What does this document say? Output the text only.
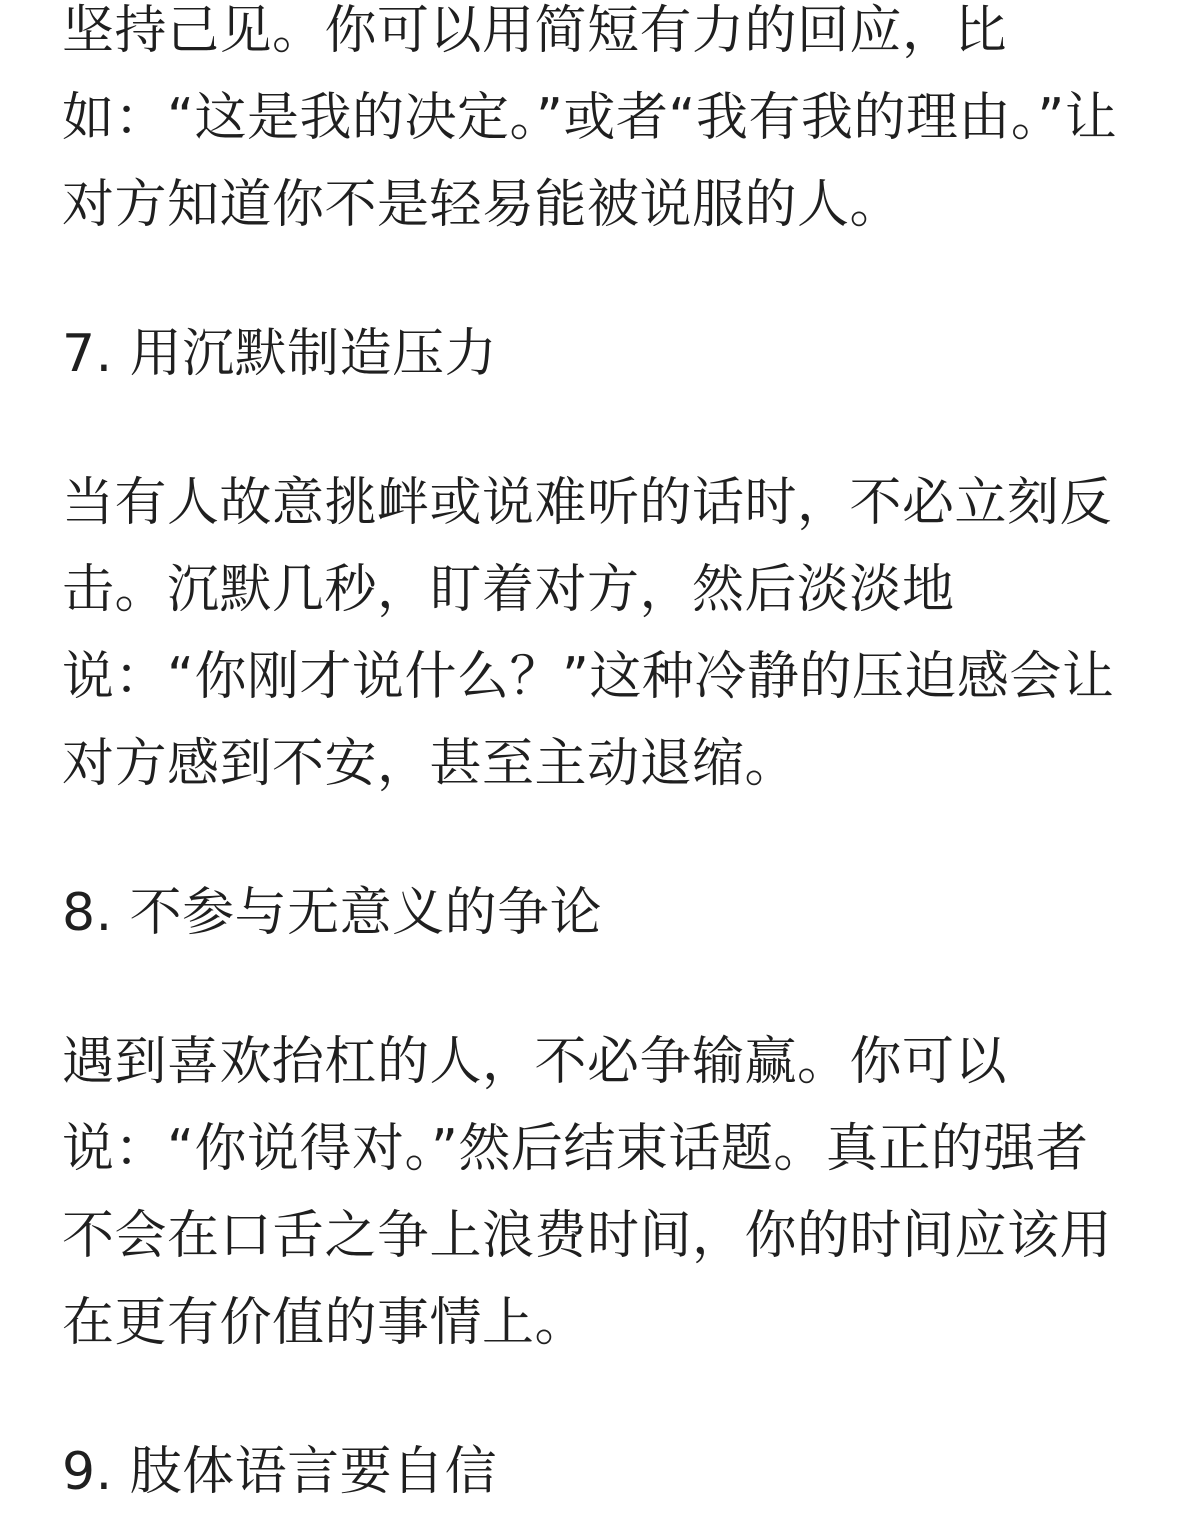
坚持己见。你可以用简短有力的回应，比如：“这是我的决定。”或者“我有我的理由。”让对方知道你不是轻易能被说服的人。

7. 用沉默制造压力

当有人故意挑衅或说难听的话时，不必立刻反击。沉默几秒，盯着对方，然后淡淡地说：“你刚才说什么？”这种冷静的压迫感会让对方感到不安，甚至主动退缩。

8. 不参与无意义的争论

遇到喜欢抬杠的人，不必争输赢。你可以说：“你说得对。”然后结束话题。真正的强者不会在口舌之争上浪费时间，你的时间应该用在更有价值的事情上。

9. 肢体语言要自信
